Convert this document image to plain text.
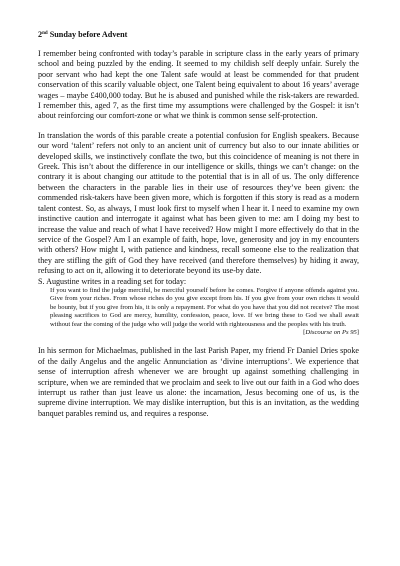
2nd Sunday before Advent

I remember being confronted with today’s parable in scripture class in the early years of primary school and being puzzled by the ending. It seemed to my childish self deeply unfair. Surely the poor servant who had kept the one Talent safe would at least be commended for that prudent conservation of this scarily valuable object, one Talent being equivalent to about 16 years’ average wages – maybe £400,000 today. But he is abused and punished while the risk-takers are rewarded. I remember this, aged 7, as the first time my assumptions were challenged by the Gospel: it isn’t about reinforcing our comfort-zone or what we think is common sense self-protection.

In translation the words of this parable create a potential confusion for English speakers. Because our word ‘talent’ refers not only to an ancient unit of currency but also to our innate abilities or developed skills, we instinctively conflate the two, but this coincidence of meaning is not there in Greek. This isn’t about the difference in our intelligence or skills, things we can’t change: on the contrary it is about changing our attitude to the potential that is in all of us. The only difference between the characters in the parable lies in their use of resources they’ve been given: the commended risk-takers have been given more, which is forgotten if this story is read as a modern talent contest. So, as always, I must look first to myself when I hear it. I need to examine my own instinctive caution and interrogate it against what has been given to me: am I doing my best to increase the value and reach of what I have received? How might I more effectively do that in the service of the Gospel? Am I an example of faith, hope, love, generosity and joy in my encounters with others? How might I, with patience and kindness, recall someone else to the realization that they are stifling the gift of God they have received (and therefore themselves) by hiding it away, refusing to act on it, allowing it to deteriorate beyond its use-by date.

S. Augustine writes in a reading set for today:

If you want to find the judge merciful, be merciful yourself before he comes. Forgive if anyone offends against you. Give from your riches. From whose riches do you give except from his. If you give from your own riches it would be bounty, but if you give from his, it is only a repayment. For what do you have that you did not receive? The most pleasing sacrifices to God are mercy, humility, confession, peace, love. If we bring these to God we shall await without fear the coming of the judge who will judge the world with righteousness and the peoples with his truth.
[Discourse on Ps 95]

In his sermon for Michaelmas, published in the last Parish Paper, my friend Fr Daniel Dries spoke of the daily Angelus and the angelic Annunciation as ‘divine interruptions’. We experience that sense of interruption afresh whenever we are brought up against something challenging in scripture, when we are reminded that we proclaim and seek to live out our faith in a God who does interrupt us rather than just leave us alone: the incarnation, Jesus becoming one of us, is the supreme divine interruption. We may dislike interruption, but this is an invitation, as the wedding banquet parables remind us, and requires a response.
